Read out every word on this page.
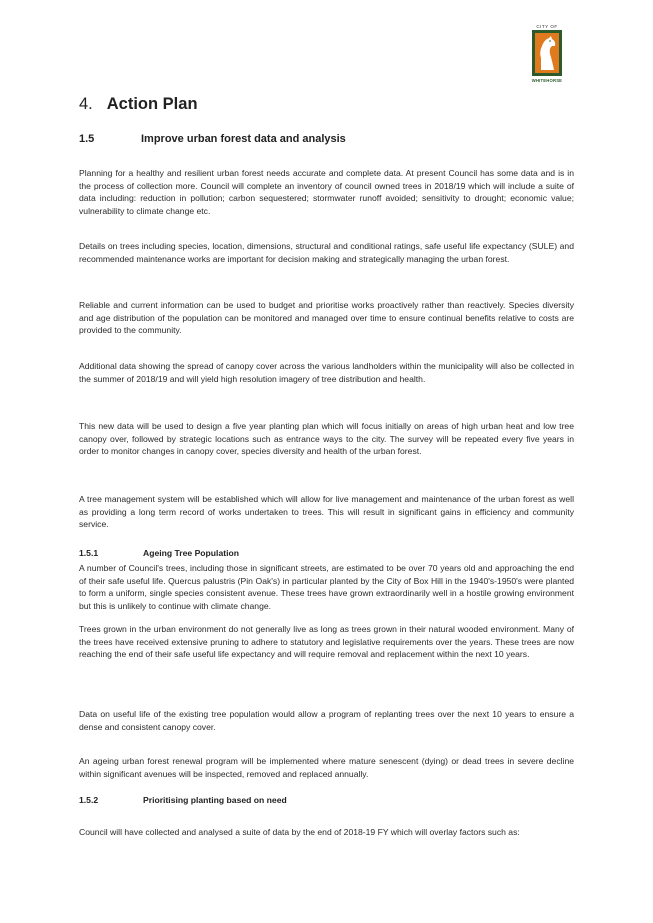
CITY OF
WHITEHORSE
4. Action Plan
1.5	Improve urban forest data and analysis

Planning for a healthy and resilient urban forest needs accurate and complete data. At present Council has some data and is in the process of collection more. Council will complete an inventory of council owned trees in 2018/19 which will include a suite of data including: reduction in pollution; carbon sequestered; stormwater runoff avoided; sensitivity to drought; economic value; vulnerability to climate change etc.

Details on trees including species, location, dimensions, structural and conditional ratings, safe useful life expectancy (SULE) and recommended maintenance works are important for decision making and strategically managing the urban forest.

Reliable and current information can be used to budget and prioritise works proactively rather than reactively. Species diversity and age distribution of the population can be monitored and managed over time to ensure continual benefits relative to costs are provided to the community.

Additional data showing the spread of canopy cover across the various landholders within the municipality will also be collected in the summer of 2018/19 and will yield high resolution imagery of tree distribution and health.

This new data will be used to design a five year planting plan which will focus initially on areas of high urban heat and low tree canopy over, followed by strategic locations such as entrance ways to the city. The survey will be repeated every five years in order to monitor changes in canopy cover, species diversity and health of the urban forest.

A tree management system will be established which will allow for live management and maintenance of the urban forest as well as providing a long term record of works undertaken to trees. This will result in significant gains in efficiency and community service.

1.5.1	Ageing Tree Population

A number of Council's trees, including those in significant streets, are estimated to be over 70 years old and approaching the end of their safe useful life. Quercus palustris (Pin Oak's) in particular planted by the City of Box Hill in the 1940's-1950's were planted to form a uniform, single species consistent avenue. These trees have grown extraordinarily well in a hostile growing environment but this is unlikely to continue with climate change.

Trees grown in the urban environment do not generally live as long as trees grown in their natural wooded environment. Many of the trees have received extensive pruning to adhere to statutory and legislative requirements over the years. These trees are now reaching the end of their safe useful life expectancy and will require removal and replacement within the next 10 years.

Data on useful life of the existing tree population would allow a program of replanting trees over the next 10 years to ensure a dense and consistent canopy cover.

An ageing urban forest renewal program will be implemented where mature senescent (dying) or dead trees in severe decline within significant avenues will be inspected, removed and replaced annually.

1.5.2	Prioritising planting based on need

Council will have collected and analysed a suite of data by the end of 2018-19 FY which will overlay factors such as:
